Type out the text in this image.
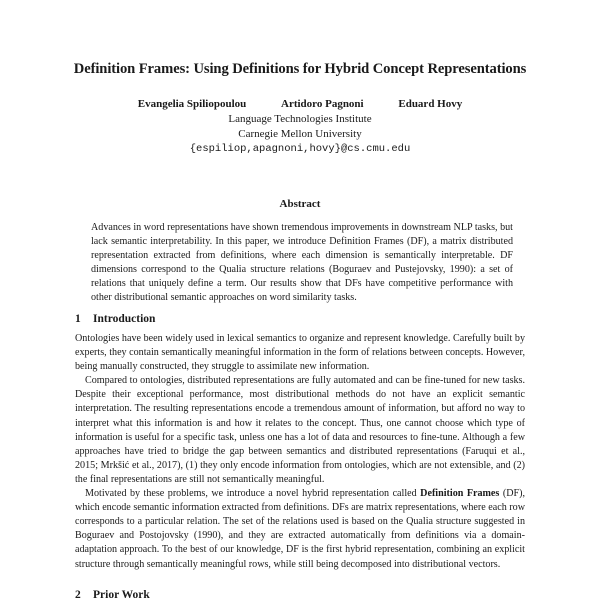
Definition Frames: Using Definitions for Hybrid Concept Representations
Evangelia Spiliopoulou	Artidoro Pagnoni	Eduard Hovy
Language Technologies Institute
Carnegie Mellon University
{espiliop,apagnoni,hovy}@cs.cmu.edu
Abstract

Advances in word representations have shown tremendous improvements in downstream NLP tasks, but lack semantic interpretability. In this paper, we introduce Definition Frames (DF), a matrix distributed representation extracted from definitions, where each dimension is semantically interpretable. DF dimensions correspond to the Qualia structure relations (Boguraev and Pustejovsky, 1990): a set of relations that uniquely define a term. Our results show that DFs have competitive performance with other distributional semantic approaches on word similarity tasks.

1 Introduction

Ontologies have been widely used in lexical semantics to organize and represent knowledge. Carefully built by experts, they contain semantically meaningful information in the form of relations between concepts. However, being manually constructed, they struggle to assimilate new information.

Compared to ontologies, distributed representations are fully automated and can be fine-tuned for new tasks. Despite their exceptional performance, most distributional methods do not have an explicit semantic interpretation. The resulting representations encode a tremendous amount of information, but afford no way to interpret what this information is and how it relates to the concept. Thus, one cannot choose which type of information is useful for a specific task, unless one has a lot of data and resources to fine-tune. Although a few approaches have tried to bridge the gap between semantics and distributed representations (Faruqui et al., 2015; Mrkšić et al., 2017), (1) they only encode information from ontologies, which are not extensible, and (2) the final representations are still not semantically meaningful.

Motivated by these problems, we introduce a novel hybrid representation called Definition Frames (DF), which encode semantic information extracted from definitions. DFs are matrix representations, where each row corresponds to a particular relation. The set of the relations used is based on the Qualia structure suggested in Boguraev and Postojovsky (1990), and they are extracted automatically from definitions via a domain-adaptation approach. To the best of our knowledge, DF is the first hybrid representation, combining an explicit structure through semantically meaningful rows, while still being decomposed into distributional vectors.

2 Prior Work
